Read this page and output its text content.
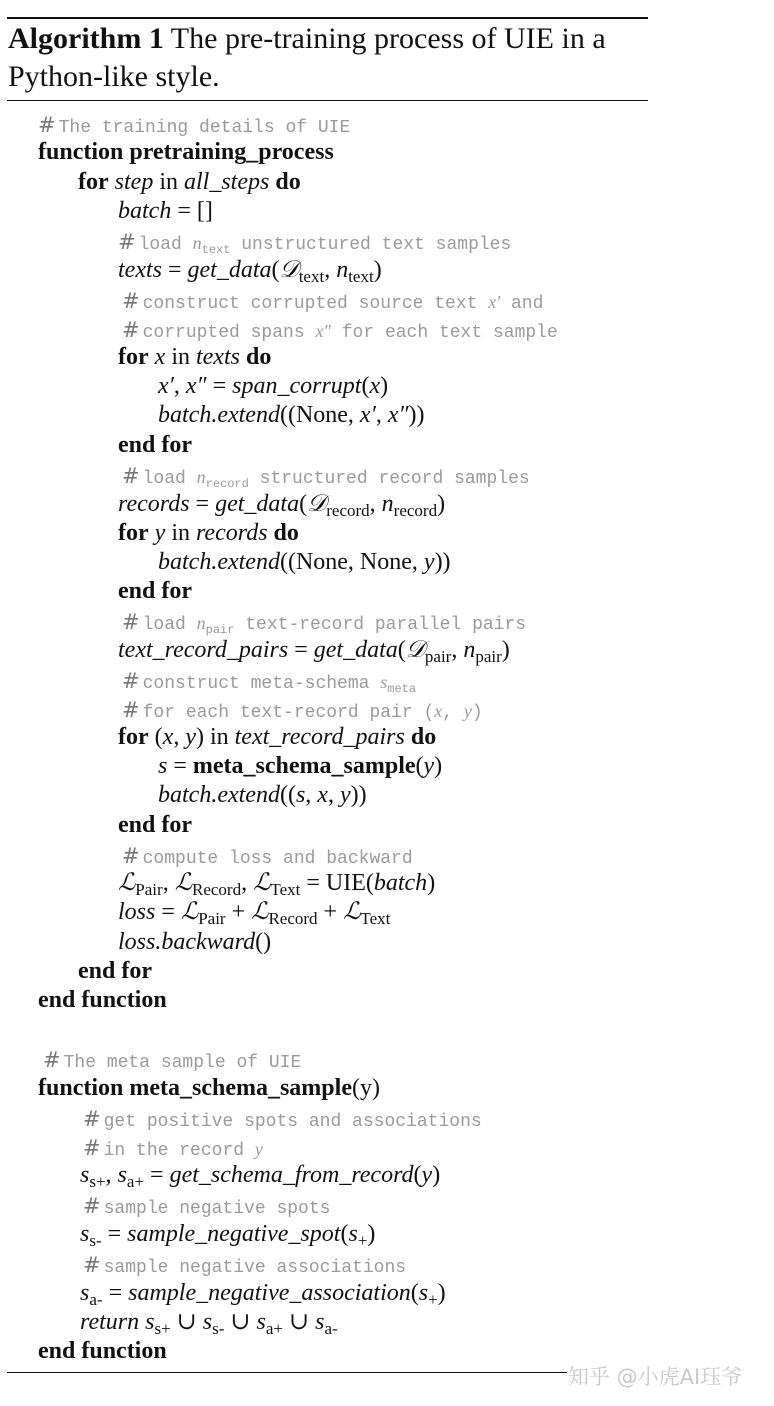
Algorithm 1 The pre-training process of UIE in a
Python-like style.
# The training details of UIE
function pretraining_process
for step in all_steps do
batch = []
# load $n_{text}$ unstructured text samples
texts = get_data(𝒟$_{text}$, $n_{text}$)
# construct corrupted source text x′ and
# corrupted spans x″ for each text sample
for x in texts do
x′, x″ = span_corrupt(x)
batch.extend((None, x′, x″))
end for
# load $n_{record}$ structured record samples
records = get_data(𝒟$_{record}$, $n_{record}$)
for y in records do
batch.extend((None, None, y))
end for
# load $n_{pair}$ text-record parallel pairs
text_record_pairs = get_data(𝒟$_{pair}$, $n_{pair}$)
# construct meta-schema $s_{meta}$
# for each text-record pair (x, y)
for (x, y) in text_record_pairs do
s = meta_schema_sample(y)
batch.extend((s, x, y))
end for
# compute loss and backward
ℒ$_{Pair}$, ℒ$_{Record}$, ℒ$_{Text}$ = UIE(batch)
loss = ℒ$_{Pair}$ + ℒ$_{Record}$ + ℒ$_{Text}$
loss.backward()
end for
end function
# The meta sample of UIE
function meta_schema_sample(y)
# get positive spots and associations
# in the record y
$s_{s+}$, $s_{a+}$ = get_schema_from_record(y)
# sample negative spots
$s_{s-}$ = $sample\_negative\_spot(s_+)$
# sample negative associations
$s_{a-}$ = $sample\_negative\_association(s_+)$
return $s_{s+}$ ∪ $s_{s-}$ ∪ $s_{a+}$ ∪ $s_{a-}$
end function
知乎 @小虎AI珏爷
